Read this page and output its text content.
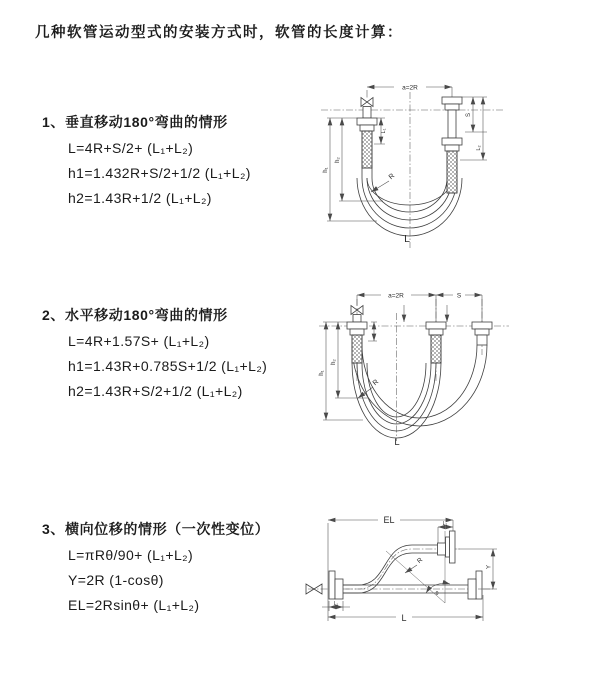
几种软管运动型式的安装方式时，软管的长度计算：
1、垂直移动180°弯曲的情形

L=4R+S/2+ (L₁+L₂)

h1=1.432R+S/2+1/2 (L₁+L₂)

h2=1.43R+1/2 (L₁+L₂)

2、水平移动180°弯曲的情形

L=4R+1.57S+ (L₁+L₂)

h1=1.43R+0.785S+1/2 (L₁+L₂)

h2=1.43R+S/2+1/2 (L₁+L₂)

3、横向位移的情形（一次性变位）

L=πRθ/90+ (L₁+L₂)

Y=2R (1-cosθ)

EL=2Rsinθ+ (L₁+L₂)

a=2R
h₁
h₂
L₁
S
L₂
R
L
a=2R	S
h₁
h₂
R
L
θ
EL	L₂
Y
R
L
L₁
